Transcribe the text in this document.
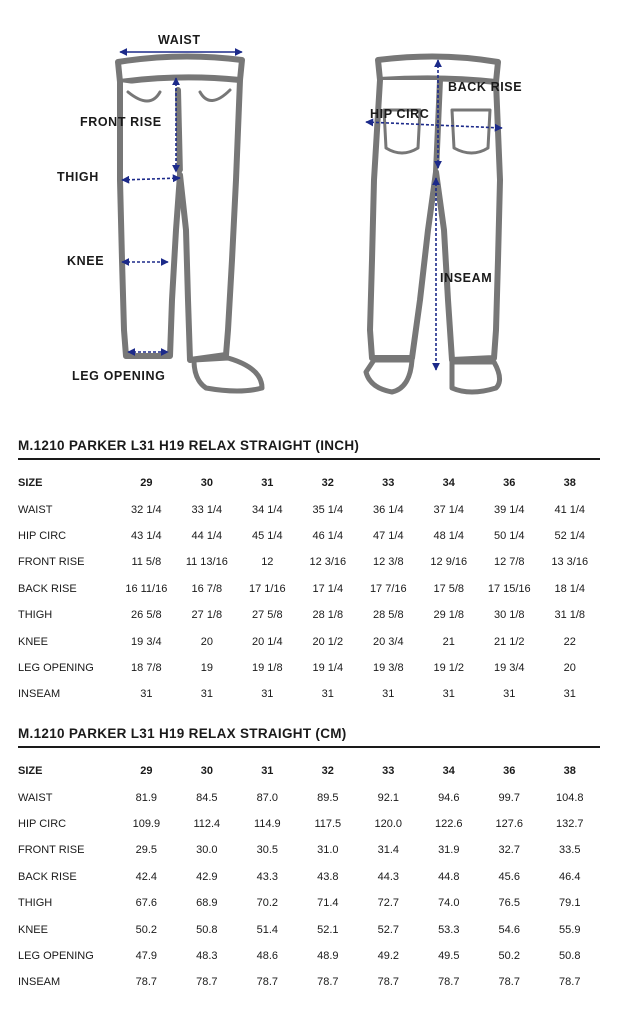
WAIST
FRONT RISE
THIGH
KNEE
LEG OPENING
BACK RISE
HIP CIRC
INSEAM
M.1210 PARKER L31 H19 RELAX STRAIGHT (INCH)
SIZE	29	30	31	32	33	34	36	38
WAIST	32 1/4	33 1/4	34 1/4	35 1/4	36 1/4	37 1/4	39 1/4	41 1/4
HIP CIRC	43 1/4	44 1/4	45 1/4	46 1/4	47 1/4	48 1/4	50 1/4	52 1/4
FRONT RISE	11 5/8	11 13/16	12	12 3/16	12 3/8	12 9/16	12 7/8	13 3/16
BACK RISE	16 11/16	16 7/8	17 1/16	17 1/4	17 7/16	17 5/8	17 15/16	18 1/4
THIGH	26 5/8	27 1/8	27 5/8	28 1/8	28 5/8	29 1/8	30 1/8	31 1/8
KNEE	19 3/4	20	20 1/4	20 1/2	20 3/4	21	21 1/2	22
LEG OPENING	18 7/8	19	19 1/8	19 1/4	19 3/8	19 1/2	19 3/4	20
INSEAM	31	31	31	31	31	31	31	31
M.1210 PARKER L31 H19 RELAX STRAIGHT (CM)
SIZE	29	30	31	32	33	34	36	38
WAIST	81.9	84.5	87.0	89.5	92.1	94.6	99.7	104.8
HIP CIRC	109.9	112.4	114.9	117.5	120.0	122.6	127.6	132.7
FRONT RISE	29.5	30.0	30.5	31.0	31.4	31.9	32.7	33.5
BACK RISE	42.4	42.9	43.3	43.8	44.3	44.8	45.6	46.4
THIGH	67.6	68.9	70.2	71.4	72.7	74.0	76.5	79.1
KNEE	50.2	50.8	51.4	52.1	52.7	53.3	54.6	55.9
LEG OPENING	47.9	48.3	48.6	48.9	49.2	49.5	50.2	50.8
INSEAM	78.7	78.7	78.7	78.7	78.7	78.7	78.7	78.7
